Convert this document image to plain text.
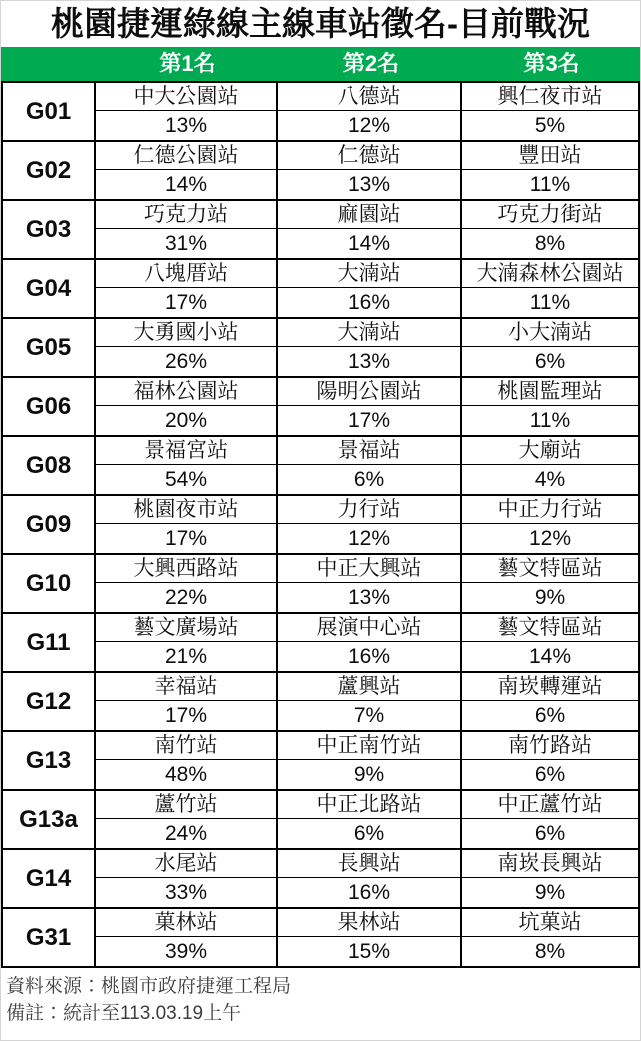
桃園捷運綠線主線車站徵名-目前戰況
第1名	第2名	第3名
G01
中大公園站	八德站	興仁夜市站
13%	12%	5%
G02
仁德公園站	仁德站	豐田站
14%	13%	11%
G03
巧克力站	麻園站	巧克力街站
31%	14%	8%
G04
八塊厝站	大湳站	大湳森林公園站
17%	16%	11%
G05
大勇國小站	大湳站	小大湳站
26%	13%	6%
G06
福林公園站	陽明公園站	桃園監理站
20%	17%	11%
G08
景福宮站	景福站	大廟站
54%	6%	4%
G09
桃園夜市站	力行站	中正力行站
17%	12%	12%
G10
大興西路站	中正大興站	藝文特區站
22%	13%	9%
G11
藝文廣場站	展演中心站	藝文特區站
21%	16%	14%
G12
幸福站	蘆興站	南崁轉運站
17%	7%	6%
G13
南竹站	中正南竹站	南竹路站
48%	9%	6%
G13a
蘆竹站	中正北路站	中正蘆竹站
24%	6%	6%
G14
水尾站	長興站	南崁長興站
33%	16%	9%
G31
菓林站	果林站	坑菓站
39%	15%	8%
資料來源：桃園市政府捷運工程局
備註：統計至113.03.19上午
